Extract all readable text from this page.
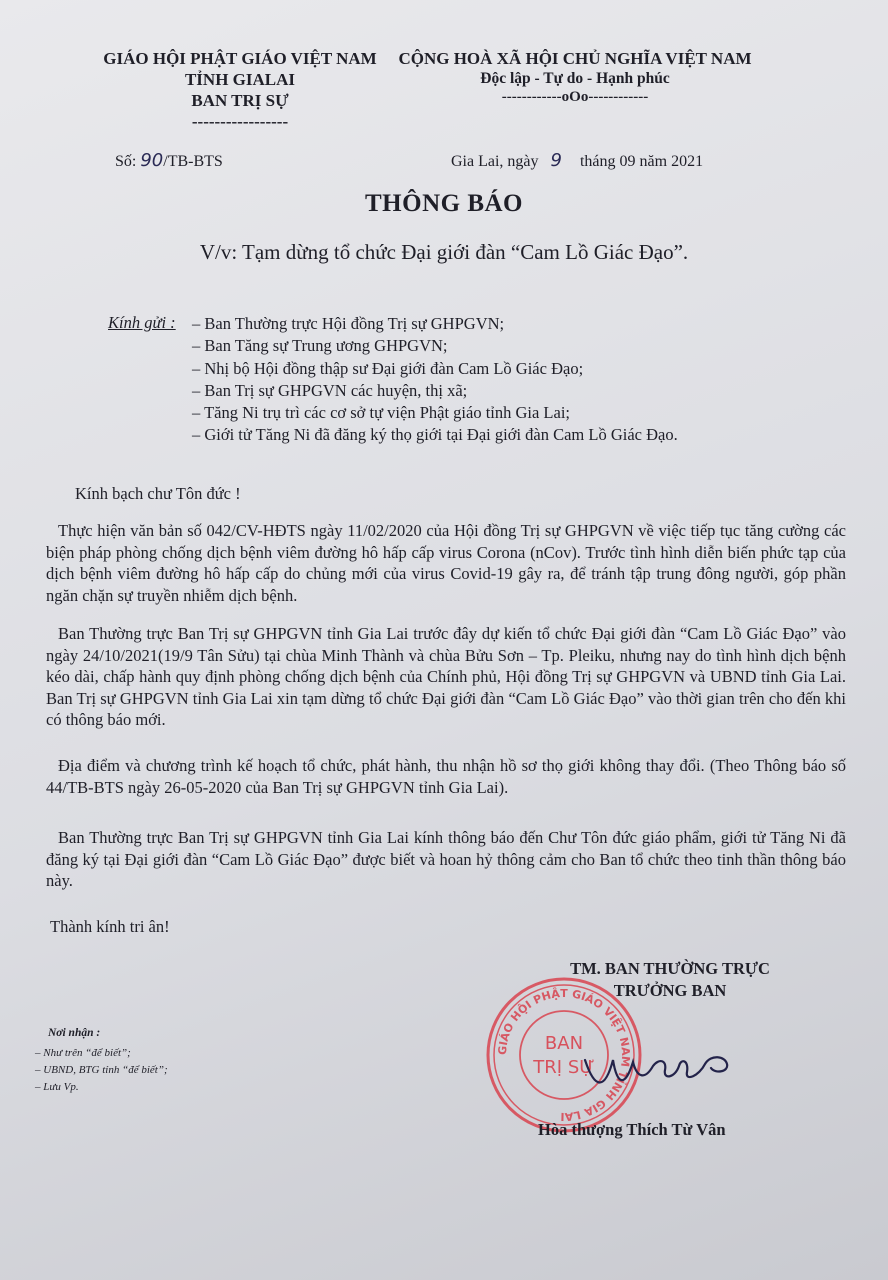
GIÁO HỘI PHẬT GIÁO VIỆT NAM
TỈNH GIALAI
BAN TRỊ SỰ
-----------------
CỘNG HOÀ XÃ HỘI CHỦ NGHĨA VIỆT NAM
Độc lập - Tự do - Hạnh phúc
------------oOo------------
Số: 90/TB-BTS	Gia Lai, ngày 9 tháng 09 năm 2021
THÔNG BÁO
V/v: Tạm dừng tổ chức Đại giới đàn “Cam Lồ Giác Đạo”.
Kính gửi : – Ban Thường trực Hội đồng Trị sự GHPGVN;
– Ban Tăng sự Trung ương GHPGVN;
– Nhị bộ Hội đồng thập sư Đại giới đàn Cam Lồ Giác Đạo;
– Ban Trị sự GHPGVN các huyện, thị xã;
– Tăng Ni trụ trì các cơ sở tự viện Phật giáo tỉnh Gia Lai;
– Giới tử Tăng Ni đã đăng ký thọ giới tại Đại giới đàn Cam Lồ Giác Đạo.
Kính bạch chư Tôn đức !
Thực hiện văn bản số 042/CV-HĐTS ngày 11/02/2020 của Hội đồng Trị sự GHPGVN về việc tiếp tục tăng cường các biện pháp phòng chống dịch bệnh viêm đường hô hấp cấp virus Corona (nCov). Trước tình hình diễn biến phức tạp của dịch bệnh viêm đường hô hấp cấp do chủng mới của virus Covid-19 gây ra, để tránh tập trung đông người, góp phần ngăn chặn sự truyền nhiễm dịch bệnh.
Ban Thường trực Ban Trị sự GHPGVN tỉnh Gia Lai trước đây dự kiến tổ chức Đại giới đàn “Cam Lồ Giác Đạo” vào ngày 24/10/2021(19/9 Tân Sửu) tại chùa Minh Thành và chùa Bửu Sơn – Tp. Pleiku, nhưng nay do tình hình dịch bệnh kéo dài, chấp hành quy định phòng chống dịch bệnh của Chính phủ, Hội đồng Trị sự GHPGVN và UBND tỉnh Gia Lai. Ban Trị sự GHPGVN tỉnh Gia Lai xin tạm dừng tổ chức Đại giới đàn “Cam Lồ Giác Đạo” vào thời gian trên cho đến khi có thông báo mới.
Địa điểm và chương trình kế hoạch tổ chức, phát hành, thu nhận hồ sơ thọ giới không thay đổi. (Theo Thông báo số 44/TB-BTS ngày 26-05-2020 của Ban Trị sự GHPGVN tỉnh Gia Lai).
Ban Thường trực Ban Trị sự GHPGVN tỉnh Gia Lai kính thông báo đến Chư Tôn đức giáo phẩm, giới tử Tăng Ni đã đăng ký tại Đại giới đàn “Cam Lồ Giác Đạo” được biết và hoan hỷ thông cảm cho Ban tổ chức theo tinh thần thông báo này.
Thành kính tri ân!
TM. BAN THƯỜNG TRỰC
TRƯỞNG BAN
GIÁO HỘI PHẬT GIÁO VIỆT NAM TỈNH GIA LAI
BAN
TRỊ SỰ
Hòa thượng Thích Từ Vân
Nơi nhận :
– Như trên “để biết”;
– UBND, BTG tỉnh “để biết”;
– Lưu Vp.
